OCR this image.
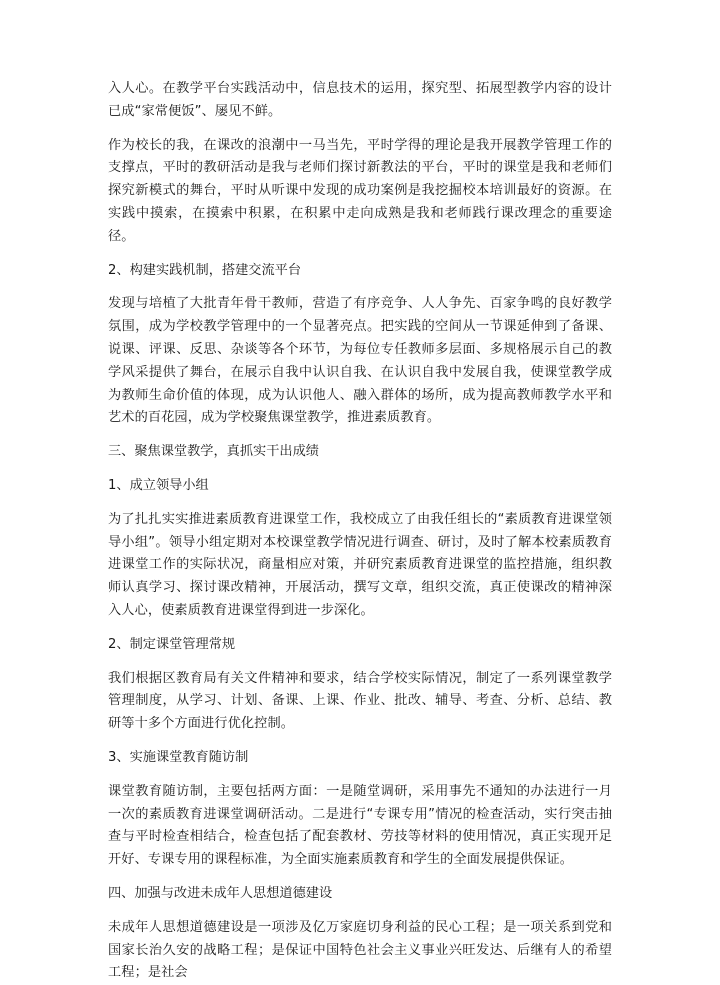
入人心。在教学平台实践活动中，信息技术的运用，探究型、拓展型教学内容的设计已成“家常便饭”、屡见不鲜。

作为校长的我，在课改的浪潮中一马当先，平时学得的理论是我开展教学管理工作的支撑点，平时的教研活动是我与老师们探讨新教法的平台，平时的课堂是我和老师们探究新模式的舞台，平时从听课中发现的成功案例是我挖掘校本培训最好的资源。在实践中摸索，在摸索中积累，在积累中走向成熟是我和老师践行课改理念的重要途径。

2、构建实践机制，搭建交流平台

发现与培植了大批青年骨干教师，营造了有序竞争、人人争先、百家争鸣的良好教学氛围，成为学校教学管理中的一个显著亮点。把实践的空间从一节课延伸到了备课、说课、评课、反思、杂谈等各个环节，为每位专任教师多层面、多规格展示自己的教学风采提供了舞台，在展示自我中认识自我、在认识自我中发展自我，使课堂教学成为教师生命价值的体现，成为认识他人、融入群体的场所，成为提高教师教学水平和艺术的百花园，成为学校聚焦课堂教学，推进素质教育。

三、聚焦课堂教学，真抓实干出成绩

1、成立领导小组

为了扎扎实实推进素质教育进课堂工作，我校成立了由我任组长的“素质教育进课堂领导小组”。领导小组定期对本校课堂教学情况进行调查、研讨，及时了解本校素质教育进课堂工作的实际状况，商量相应对策，并研究素质教育进课堂的监控措施，组织教师认真学习、探讨课改精神，开展活动，撰写文章，组织交流，真正使课改的精神深入人心，使素质教育进课堂得到进一步深化。

2、制定课堂管理常规

我们根据区教育局有关文件精神和要求，结合学校实际情况，制定了一系列课堂教学管理制度，从学习、计划、备课、上课、作业、批改、辅导、考查、分析、总结、教研等十多个方面进行优化控制。

3、实施课堂教育随访制

课堂教育随访制，主要包括两方面：一是随堂调研，采用事先不通知的办法进行一月一次的素质教育进课堂调研活动。二是进行“专课专用”情况的检查活动，实行突击抽查与平时检查相结合，检查包括了配套教材、劳技等材料的使用情况，真正实现开足开好、专课专用的课程标准，为全面实施素质教育和学生的全面发展提供保证。

四、加强与改进未成年人思想道德建设

未成年人思想道德建设是一项涉及亿万家庭切身利益的民心工程；是一项关系到党和国家长治久安的战略工程；是保证中国特色社会主义事业兴旺发达、后继有人的希望工程；是社会
